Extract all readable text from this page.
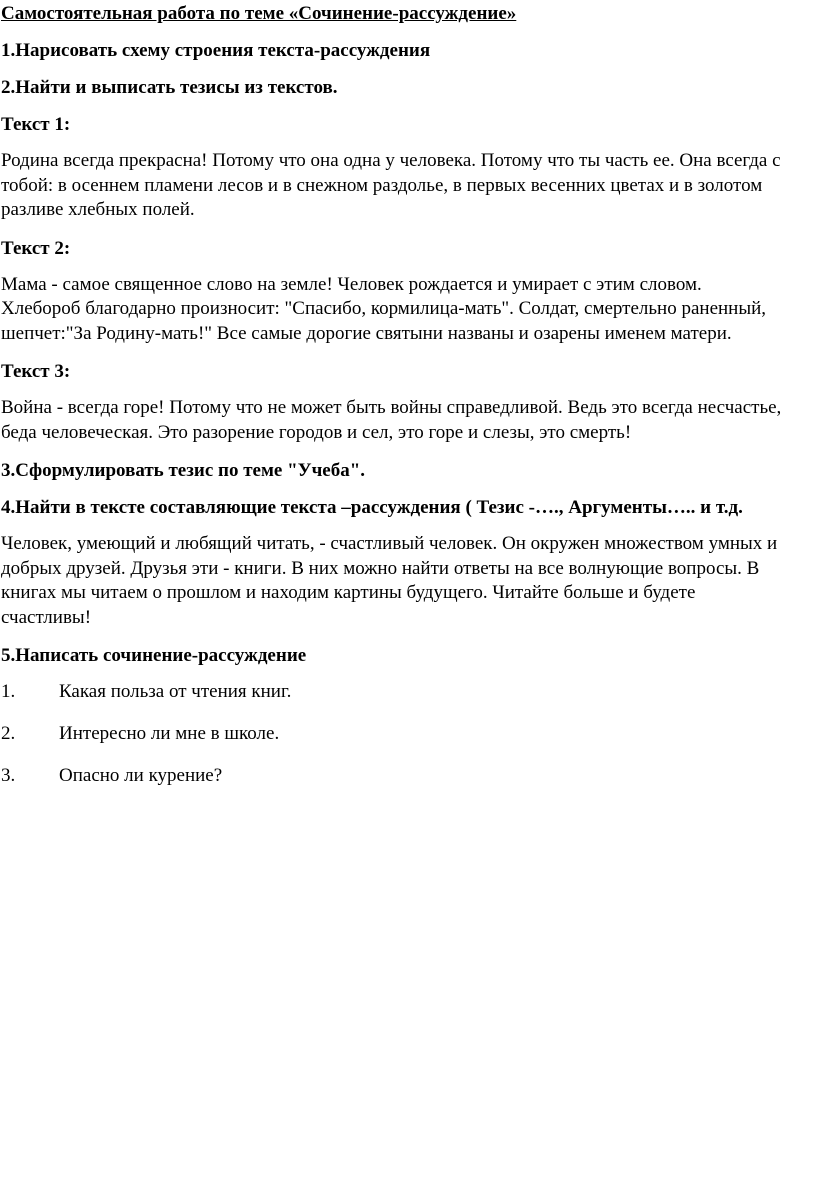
Самостоятельная работа по теме «Сочинение-рассуждение»

1.Нарисовать схему строения текста-рассуждения

2.Найти и выписать тезисы из текстов.

Текст 1:

Родина всегда прекрасна! Потому что она одна у человека. Потому что ты часть ее. Она всегда с
тобой: в осеннем пламени лесов и в снежном раздолье, в первых весенних цветах и в золотом
разливе хлебных полей.

Текст 2:

Мама - самое священное слово на земле! Человек рождается и умирает с этим словом.
Хлебороб благодарно произносит: "Спасибо, кормилица-мать". Солдат, смертельно раненный,
шепчет:"За Родину-мать!" Все самые дорогие святыни названы и озарены именем матери.

Текст 3:

Война - всегда горе! Потому что не может быть войны справедливой. Ведь это всегда несчастье,
беда человеческая. Это разорение городов и сел, это горе и слезы, это смерть!

3.Сформулировать тезис по теме "Учеба".

4.Найти в тексте составляющие текста –рассуждения ( Тезис -…., Аргументы….. и т.д.

Человек, умеющий и любящий читать, - счастливый человек. Он окружен множеством умных и
добрых друзей. Друзья эти - книги. В них можно найти ответы на все волнующие вопросы. В
книгах мы читаем о прошлом и находим картины будущего. Читайте больше и будете
счастливы!

5.Написать сочинение-рассуждение

1.	Какая польза от чтения книг.
2.	Интересно ли мне в школе.
3.	Опасно ли курение?
